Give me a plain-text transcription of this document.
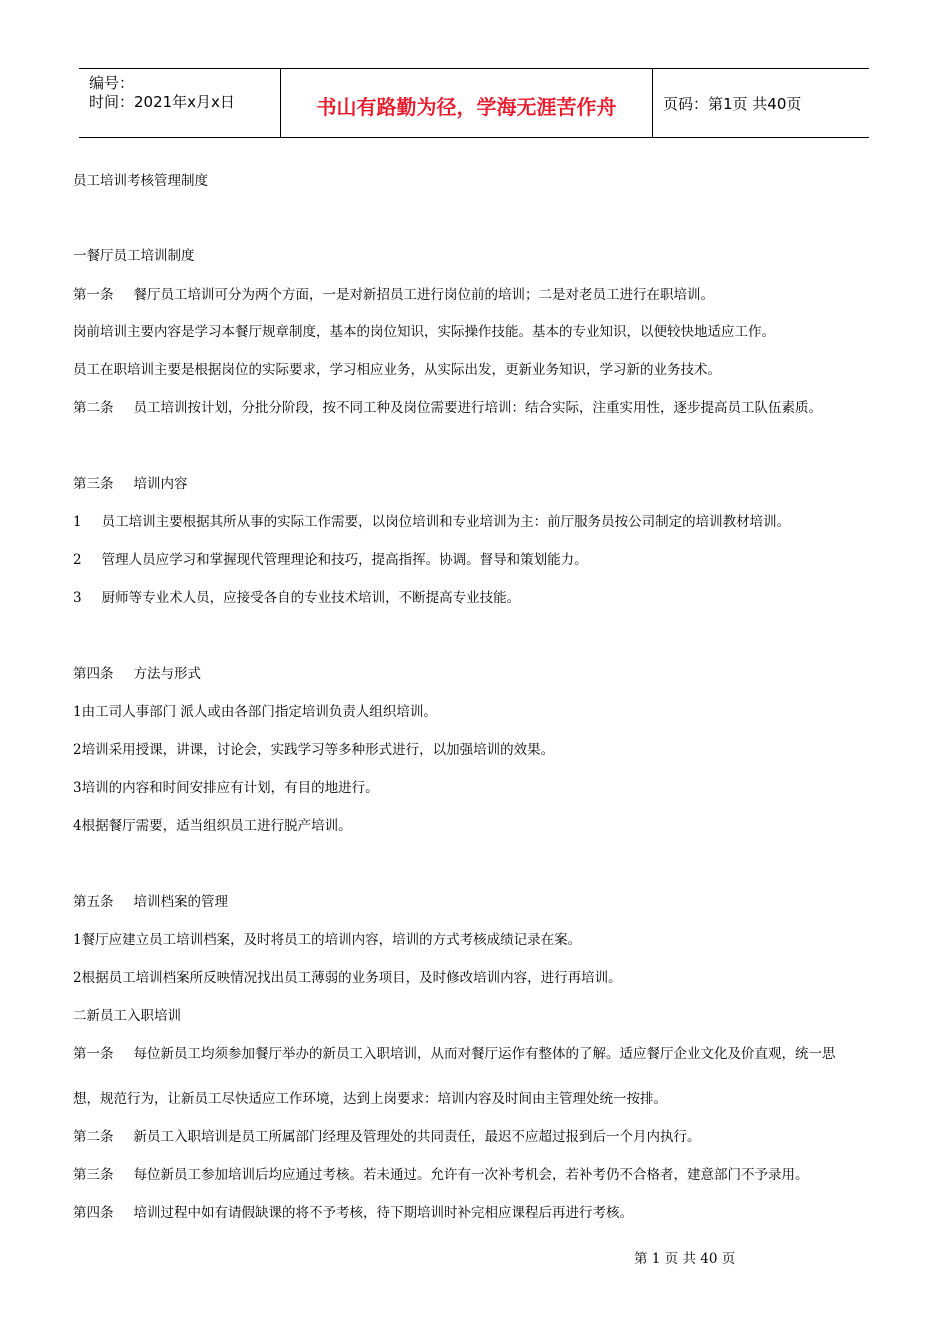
编号：
时间：2021年x月x日	书山有路勤为径，学海无涯苦作舟	页码：第1页 共40页
员工培训考核管理制度
一餐厅员工培训制度
第一条 餐厅员工培训可分为两个方面，一是对新招员工进行岗位前的培训；二是对老员工进行在职培训。
岗前培训主要内容是学习本餐厅规章制度，基本的岗位知识，实际操作技能。基本的专业知识，以便较快地适应工作。
员工在职培训主要是根据岗位的实际要求，学习相应业务，从实际出发，更新业务知识，学习新的业务技术。
第二条 员工培训按计划，分批分阶段，按不同工种及岗位需要进行培训：结合实际，注重实用性，逐步提高员工队伍素质。
第三条 培训内容
1 员工培训主要根据其所从事的实际工作需要，以岗位培训和专业培训为主：前厅服务员按公司制定的培训教材培训。
2 管理人员应学习和掌握现代管理理论和技巧，提高指挥。协调。督导和策划能力。
3 厨师等专业术人员，应接受各自的专业技术培训，不断提高专业技能。
第四条 方法与形式
1由工司人事部门 派人或由各部门指定培训负责人组织培训。
2培训采用授课，讲课，讨论会，实践学习等多种形式进行，以加强培训的效果。
3培训的内容和时间安排应有计划，有目的地进行。
4根据餐厅需要，适当组织员工进行脱产培训。
第五条 培训档案的管理
1餐厅应建立员工培训档案，及时将员工的培训内容，培训的方式考核成绩记录在案。
2根据员工培训档案所反映情况找出员工薄弱的业务项目，及时修改培训内容，进行再培训。
二新员工入职培训
第一条 每位新员工均须参加餐厅举办的新员工入职培训，从而对餐厅运作有整体的了解。适应餐厅企业文化及价直观，统一思
想，规范行为，让新员工尽快适应工作环境，达到上岗要求：培训内容及时间由主管理处统一按排。
第二条 新员工入职培训是员工所属部门经理及管理处的共同责任，最迟不应超过报到后一个月内执行。
第三条 每位新员工参加培训后均应通过考核。若未通过。允许有一次补考机会，若补考仍不合格者，建意部门不予录用。
第四条 培训过程中如有请假缺课的将不予考核，待下期培训时补完相应课程后再进行考核。
第 1 页 共 40 页
